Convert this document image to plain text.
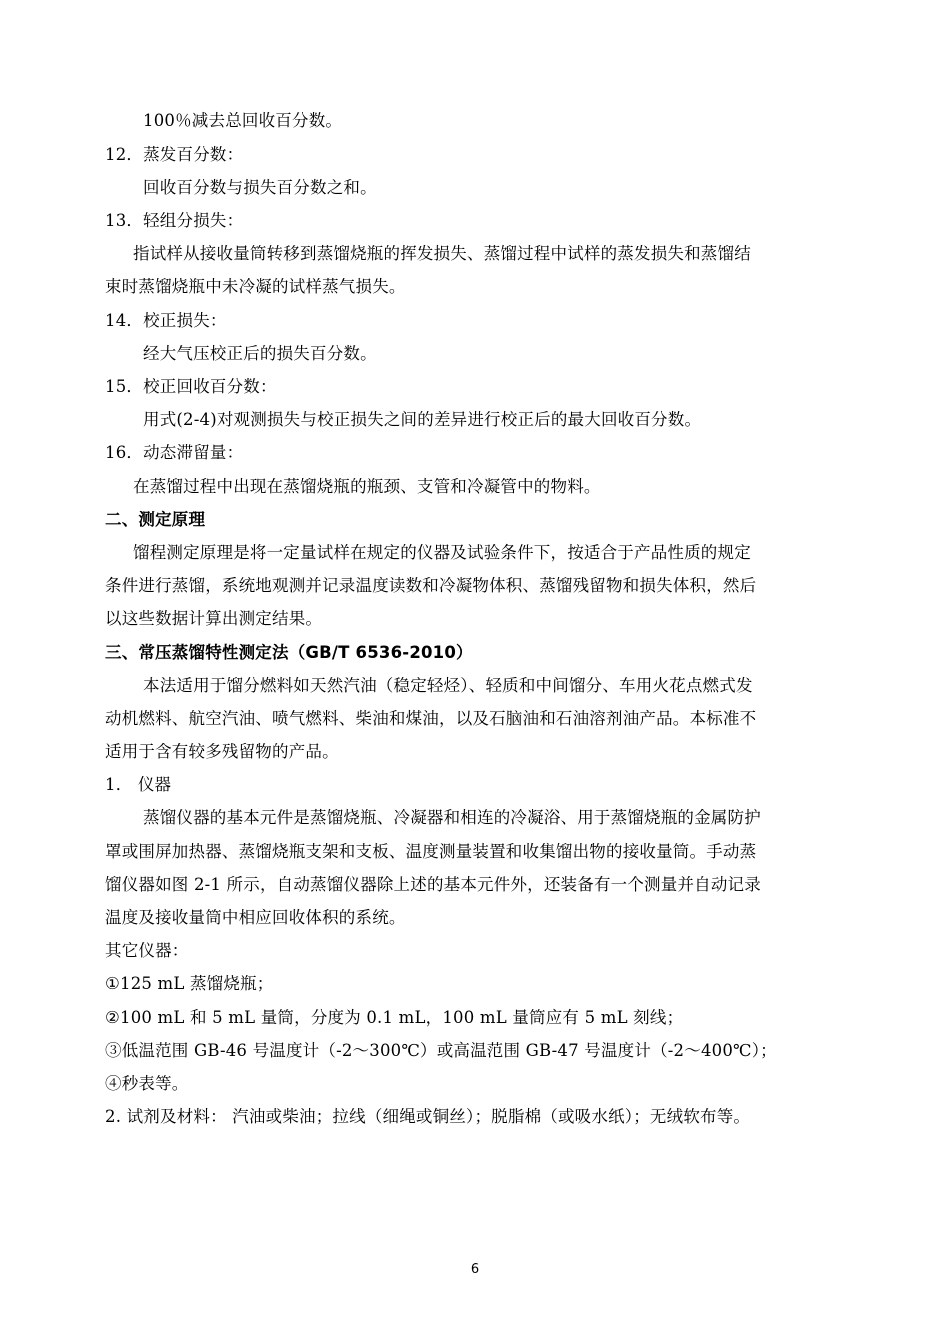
100％减去总回收百分数。
12．蒸发百分数：
回收百分数与损失百分数之和。
13．轻组分损失：
指试样从接收量筒转移到蒸馏烧瓶的挥发损失、蒸馏过程中试样的蒸发损失和蒸馏结
束时蒸馏烧瓶中未冷凝的试样蒸气损失。
14．校正损失：
经大气压校正后的损失百分数。
15．校正回收百分数：
用式(2-4)对观测损失与校正损失之间的差异进行校正后的最大回收百分数。
16．动态滞留量：
在蒸馏过程中出现在蒸馏烧瓶的瓶颈、支管和冷凝管中的物料。
二、测定原理
馏程测定原理是将一定量试样在规定的仪器及试验条件下，按适合于产品性质的规定
条件进行蒸馏，系统地观测并记录温度读数和冷凝物体积、蒸馏残留物和损失体积，然后
以这些数据计算出测定结果。
三、常压蒸馏特性测定法（GB/T 6536-2010）
本法适用于馏分燃料如天然汽油（稳定轻烃）、轻质和中间馏分、车用火花点燃式发
动机燃料、航空汽油、喷气燃料、柴油和煤油，以及石脑油和石油溶剂油产品。本标准不
适用于含有较多残留物的产品。
1． 仪器
蒸馏仪器的基本元件是蒸馏烧瓶、冷凝器和相连的冷凝浴、用于蒸馏烧瓶的金属防护
罩或围屏加热器、蒸馏烧瓶支架和支板、温度测量装置和收集馏出物的接收量筒。手动蒸
馏仪器如图 2-1 所示，自动蒸馏仪器除上述的基本元件外，还装备有一个测量并自动记录
温度及接收量筒中相应回收体积的系统。
其它仪器：
①125 mL 蒸馏烧瓶；
②100 mL 和 5 mL 量筒，分度为 0.1 mL，100 mL 量筒应有 5 mL 刻线；
③低温范围 GB-46 号温度计（-2～300℃）或高温范围 GB-47 号温度计（-2～400℃）；
④秒表等。
2. 试剂及材料： 汽油或柴油；拉线（细绳或铜丝）；脱脂棉（或吸水纸）；无绒软布等。
6
